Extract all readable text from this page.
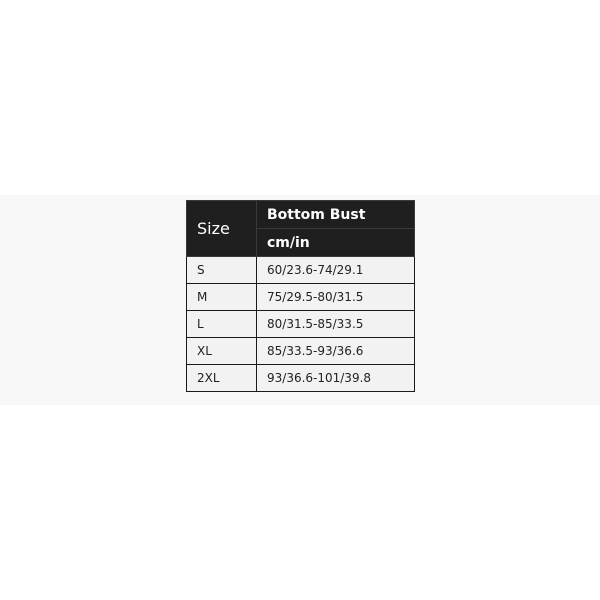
Size	Bottom Bust
	cm/in
S	60/23.6-74/29.1
M	75/29.5-80/31.5
L	80/31.5-85/33.5
XL	85/33.5-93/36.6
2XL	93/36.6-101/39.8
